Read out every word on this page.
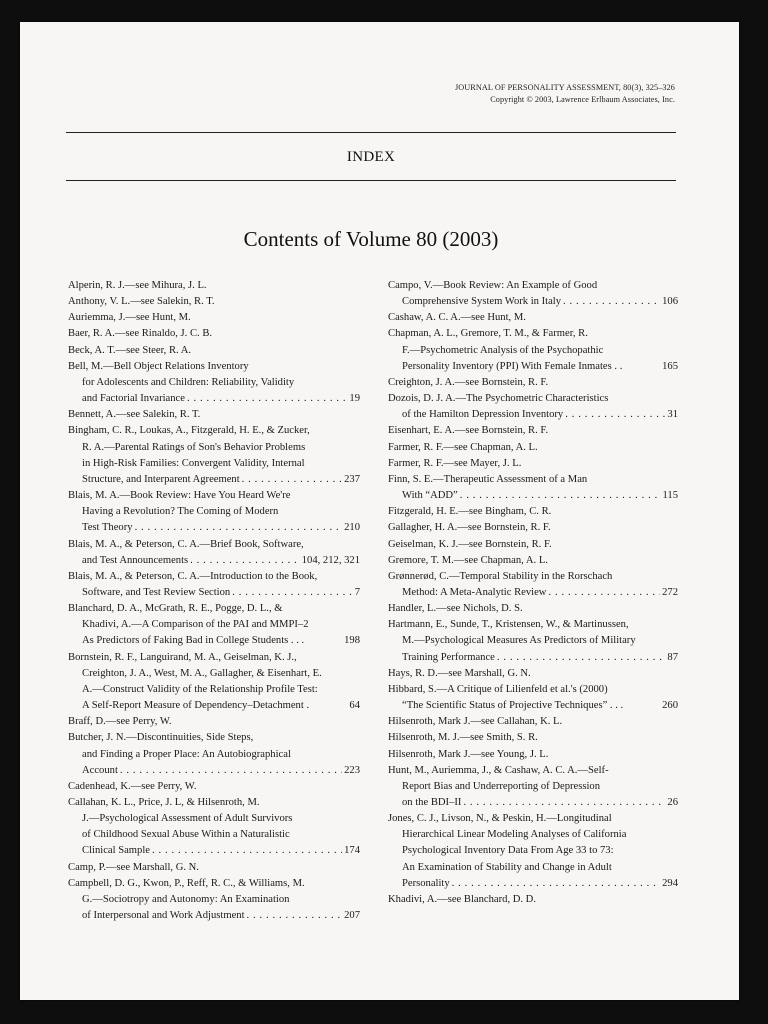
JOURNAL OF PERSONALITY ASSESSMENT, 80(3), 325–326
Copyright © 2003, Lawrence Erlbaum Associates, Inc.
INDEX
Contents of Volume 80 (2003)
Alperin, R. J.—see Mihura, J. L.
Anthony, V. L.—see Salekin, R. T.
Auriemma, J.—see Hunt, M.
Baer, R. A.—see Rinaldo, J. C. B.
Beck, A. T.—see Steer, R. A.
Bell, M.—Bell Object Relations Inventory
for Adolescents and Children: Reliability, Validity
and Factorial Invariance . . .	19
Bennett, A.—see Salekin, R. T.
Bingham, C. R., Loukas, A., Fitzgerald, H. E., & Zucker,
R. A.—Parental Ratings of Son's Behavior Problems
in High-Risk Families: Convergent Validity, Internal
Structure, and Interparent Agreement . . .	237
Blais, M. A.—Book Review: Have You Heard We're
Having a Revolution? The Coming of Modern
Test Theory . . .	210
Blais, M. A., & Peterson, C. A.—Brief Book, Software,
and Test Announcements . . .	104, 212, 321
Blais, M. A., & Peterson, C. A.—Introduction to the Book,
Software, and Test Review Section . . .	7
Blanchard, D. A., McGrath, R. E., Pogge, D. L., &
Khadivi, A.—A Comparison of the PAI and MMPI–2
As Predictors of Faking Bad in College Students . . .	198
Bornstein, R. F., Languirand, M. A., Geiselman, K. J.,
Creighton, J. A., West, M. A., Gallagher, & Eisenhart, E.
A.—Construct Validity of the Relationship Profile Test:
A Self-Report Measure of Dependency–Detachment .	64
Braff, D.—see Perry, W.
Butcher, J. N.—Discontinuities, Side Steps,
and Finding a Proper Place: An Autobiographical
Account . . .	223
Cadenhead, K.—see Perry, W.
Callahan, K. L., Price, J. L, & Hilsenroth, M.
J.—Psychological Assessment of Adult Survivors
of Childhood Sexual Abuse Within a Naturalistic
Clinical Sample . . .	174
Camp, P.—see Marshall, G. N.
Campbell, D. G., Kwon, P., Reff, R. C., & Williams, M.
G.—Sociotropy and Autonomy: An Examination
of Interpersonal and Work Adjustment . . .	207
Campo, V.—Book Review: An Example of Good
Comprehensive System Work in Italy . . .	106
Cashaw, A. C. A.—see Hunt, M.
Chapman, A. L., Gremore, T. M., & Farmer, R.
F.—Psychometric Analysis of the Psychopathic
Personality Inventory (PPI) With Female Inmates . .	165
Creighton, J. A.—see Bornstein, R. F.
Dozois, D. J. A.—The Psychometric Characteristics
of the Hamilton Depression Inventory . . .	31
Eisenhart, E. A.—see Bornstein, R. F.
Farmer, R. F.—see Chapman, A. L.
Farmer, R. F.—see Mayer, J. L.
Finn, S. E.—Therapeutic Assessment of a Man
With “ADD” . . .	115
Fitzgerald, H. E.—see Bingham, C. R.
Gallagher, H. A.—see Bornstein, R. F.
Geiselman, K. J.—see Bornstein, R. F.
Gremore, T. M.—see Chapman, A. L.
Grønnerød, C.—Temporal Stability in the Rorschach
Method: A Meta-Analytic Review . . .	272
Handler, L.—see Nichols, D. S.
Hartmann, E., Sunde, T., Kristensen, W., & Martinussen,
M.—Psychological Measures As Predictors of Military
Training Performance . . .	87
Hays, R. D.—see Marshall, G. N.
Hibbard, S.—A Critique of Lilienfeld et al.'s (2000)
“The Scientific Status of Projective Techniques” . . .	260
Hilsenroth, Mark J.—see Callahan, K. L.
Hilsenroth, M. J.—see Smith, S. R.
Hilsenroth, Mark J.—see Young, J. L.
Hunt, M., Auriemma, J., & Cashaw, A. C. A.—Self-
Report Bias and Underreporting of Depression
on the BDI–II . . .	26
Jones, C. J., Livson, N., & Peskin, H.—Longitudinal
Hierarchical Linear Modeling Analyses of California
Psychological Inventory Data From Age 33 to 73:
An Examination of Stability and Change in Adult
Personality . . .	294
Khadivi, A.—see Blanchard, D. D.
